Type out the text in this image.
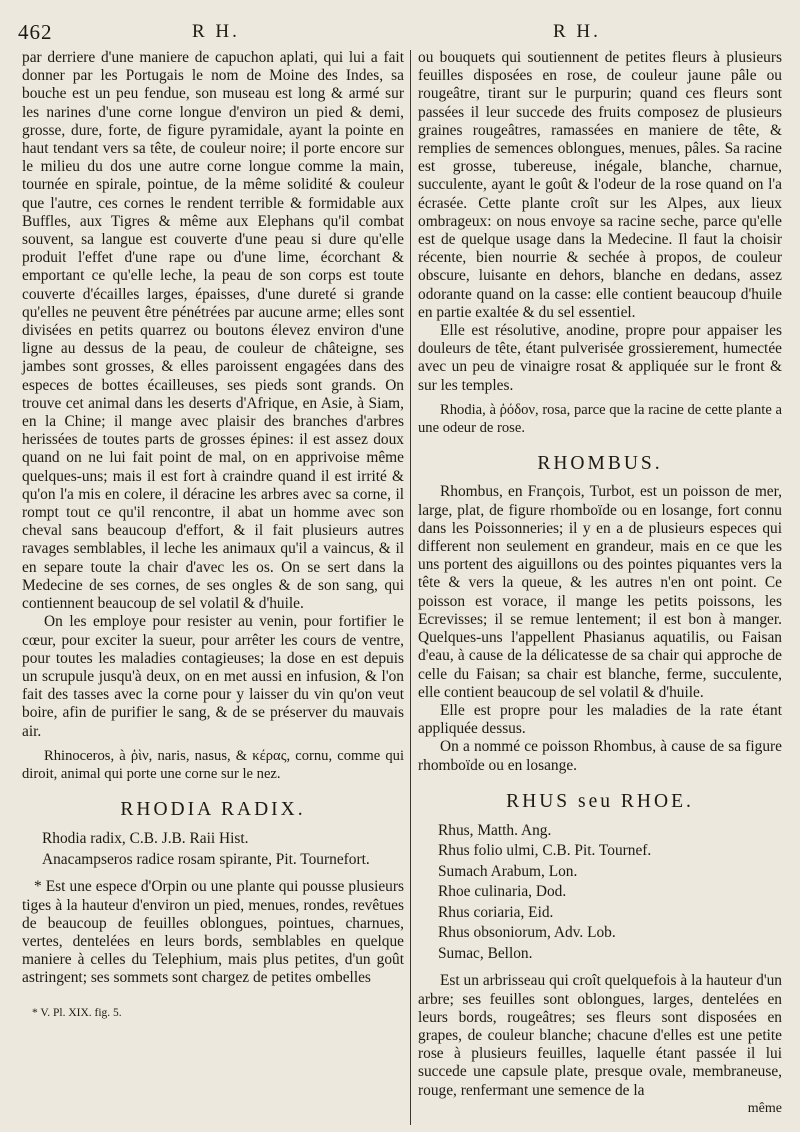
462	R H.	R H.

par derriere d'une maniere de capuchon aplati, qui lui a fait donner par les Portugais le nom de Moine des Indes, sa bouche est un peu fendue, son museau est long & armé sur les narines d'une corne longue d'environ un pied & demi, grosse, dure, forte, de figure pyramidale, ayant la pointe en haut tendant vers sa tête, de couleur noire; il porte encore sur le milieu du dos une autre corne longue comme la main, tournée en spirale, pointue, de la même solidité & couleur que l'autre, ces cornes le rendent terrible & formidable aux Buffles, aux Tigres & même aux Elephans qu'il combat souvent, sa langue est couverte d'une peau si dure qu'elle produit l'effet d'une rape ou d'une lime, écorchant & emportant ce qu'elle leche, la peau de son corps est toute couverte d'écailles larges, épaisses, d'une dureté si grande qu'elles ne peuvent être pénétrées par aucune arme; elles sont divisées en petits quarrez ou boutons élevez environ d'une ligne au dessus de la peau, de couleur de châteigne, ses jambes sont grosses, & elles paroissent engagées dans des especes de bottes écailleuses, ses pieds sont grands. On trouve cet animal dans les deserts d'Afrique, en Asie, à Siam, en la Chine; il mange avec plaisir des branches d'arbres herissées de toutes parts de grosses épines: il est assez doux quand on ne lui fait point de mal, on en apprivoise même quelques-uns; mais il est fort à craindre quand il est irrité & qu'on l'a mis en colere, il déracine les arbres avec sa corne, il rompt tout ce qu'il rencontre, il abat un homme avec son cheval sans beaucoup d'effort, & il fait plusieurs autres ravages semblables, il leche les animaux qu'il a vaincus, & il en separe toute la chair d'avec les os. On se sert dans la Medecine de ses cornes, de ses ongles & de son sang, qui contiennent beaucoup de sel volatil & d'huile.

On les employe pour resister au venin, pour fortifier le cœur, pour exciter la sueur, pour arrêter les cours de ventre, pour toutes les maladies contagieuses; la dose en est depuis un scrupule jusqu'à deux, on en met aussi en infusion, & l'on fait des tasses avec la corne pour y laisser du vin qu'on veut boire, afin de purifier le sang, & de se préserver du mauvais air.

Rhinoceros, à ῥὶν, naris, nasus, & κέρας, cornu, comme qui diroit, animal qui porte une corne sur le nez.

RHODIA RADIX.

Rhodia radix, C.B. J.B. Raii Hist.

Anacampseros radice rosam spirante, Pit. Tournefort.

* Est une espece d'Orpin ou une plante qui pousse plusieurs tiges à la hauteur d'environ un pied, menues, rondes, revêtues de beaucoup de feuilles oblongues, pointues, charnues, vertes, dentelées en leurs bords, semblables en quelque maniere à celles du Telephium, mais plus petites, d'un goût astringent; ses sommets sont chargez de petites ombelles

* V. Pl. XIX. fig. 5.

ou bouquets qui soutiennent de petites fleurs à plusieurs feuilles disposées en rose, de couleur jaune pâle ou rougeâtre, tirant sur le purpurin; quand ces fleurs sont passées il leur succede des fruits composez de plusieurs graines rougeâtres, ramassées en maniere de tête, & remplies de semences oblongues, menues, pâles. Sa racine est grosse, tubereuse, inégale, blanche, charnue, succulente, ayant le goût & l'odeur de la rose quand on l'a écrasée. Cette plante croît sur les Alpes, aux lieux ombrageux: on nous envoye sa racine seche, parce qu'elle est de quelque usage dans la Medecine. Il faut la choisir récente, bien nourrie & sechée à propos, de couleur obscure, luisante en dehors, blanche en dedans, assez odorante quand on la casse: elle contient beaucoup d'huile en partie exaltée & du sel essentiel.

Elle est résolutive, anodine, propre pour appaiser les douleurs de tête, étant pulverisée grossierement, humectée avec un peu de vinaigre rosat & appliquée sur le front & sur les temples.

Rhodia, à ῥόδον, rosa, parce que la racine de cette plante a une odeur de rose.

RHOMBUS.

Rhombus, en François, Turbot, est un poisson de mer, large, plat, de figure rhomboïde ou en losange, fort connu dans les Poissonneries; il y en a de plusieurs especes qui different non seulement en grandeur, mais en ce que les uns portent des aiguillons ou des pointes piquantes vers la tête & vers la queue, & les autres n'en ont point. Ce poisson est vorace, il mange les petits poissons, les Ecrevisses; il se remue lentement; il est bon à manger. Quelques-uns l'appellent Phasianus aquatilis, ou Faisan d'eau, à cause de la délicatesse de sa chair qui approche de celle du Faisan; sa chair est blanche, ferme, succulente, elle contient beaucoup de sel volatil & d'huile.

Elle est propre pour les maladies de la rate étant appliquée dessus.

On a nommé ce poisson Rhombus, à cause de sa figure rhomboïde ou en losange.

RHUS seu RHOE.

Rhus, Matth. Ang.

Rhus folio ulmi, C.B. Pit. Tournef.

Sumach Arabum, Lon.

Rhoe culinaria, Dod.

Rhus coriaria, Eid.

Rhus obsoniorum, Adv. Lob.

Sumac, Bellon.

Est un arbrisseau qui croît quelquefois à la hauteur d'un arbre; ses feuilles sont oblongues, larges, dentelées en leurs bords, rougeâtres; ses fleurs sont disposées en grapes, de couleur blanche; chacune d'elles est une petite rose à plusieurs feuilles, laquelle étant passée il lui succede une capsule plate, presque ovale, membraneuse, rouge, renfermant une semence de la

même
